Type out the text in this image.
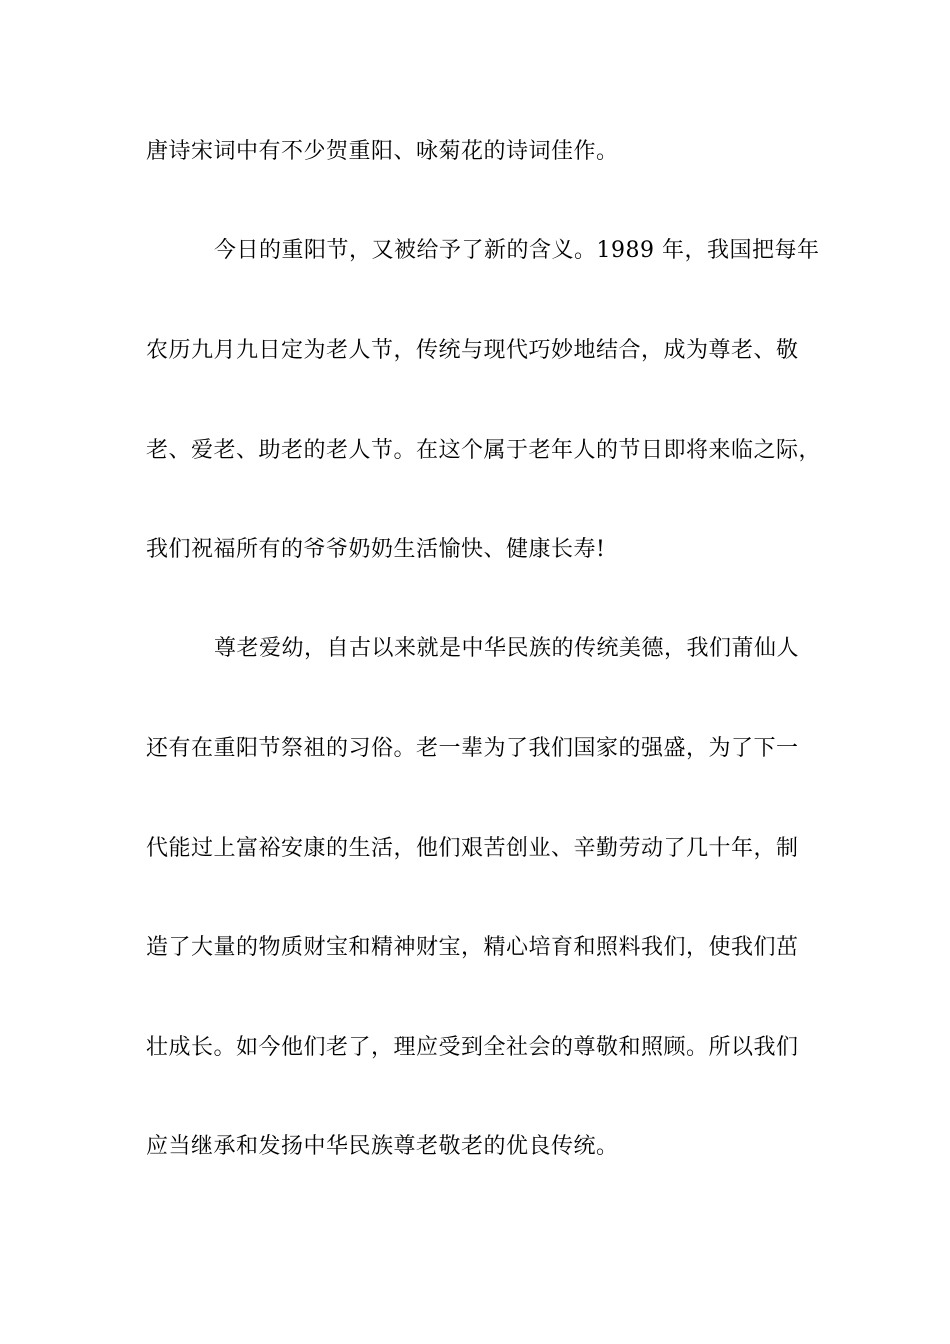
唐诗宋词中有不少贺重阳、咏菊花的诗词佳作。
今日的重阳节，又被给予了新的含义。1989 年，我国把每年
农历九月九日定为老人节，传统与现代巧妙地结合，成为尊老、敬
老、爱老、助老的老人节。在这个属于老年人的节日即将来临之际，
我们祝福所有的爷爷奶奶生活愉快、健康长寿!
尊老爱幼，自古以来就是中华民族的传统美德，我们莆仙人
还有在重阳节祭祖的习俗。老一辈为了我们国家的强盛，为了下一
代能过上富裕安康的生活，他们艰苦创业、辛勤劳动了几十年，制
造了大量的物质财宝和精神财宝，精心培育和照料我们，使我们茁
壮成长。如今他们老了，理应受到全社会的尊敬和照顾。所以我们
应当继承和发扬中华民族尊老敬老的优良传统。
